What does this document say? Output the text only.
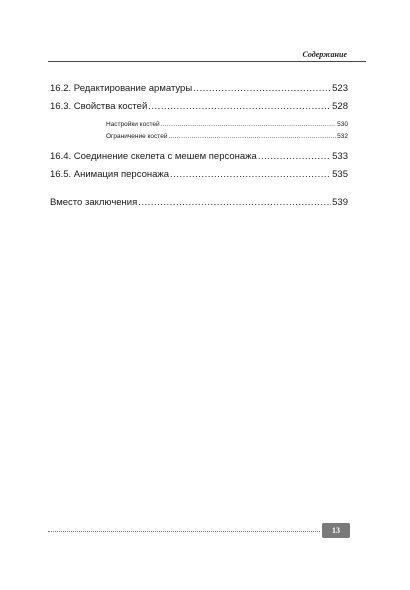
Содержание
16.2. Редактирование арматуры .....	523
16.3. Свойства костей .....	528
Настройки костей .....	530
Ограничение костей .....	532
16.4. Соединение скелета с мешем персонажа .....	533
16.5. Анимация персонажа .....	535
Вместо заключения .....	539
13
